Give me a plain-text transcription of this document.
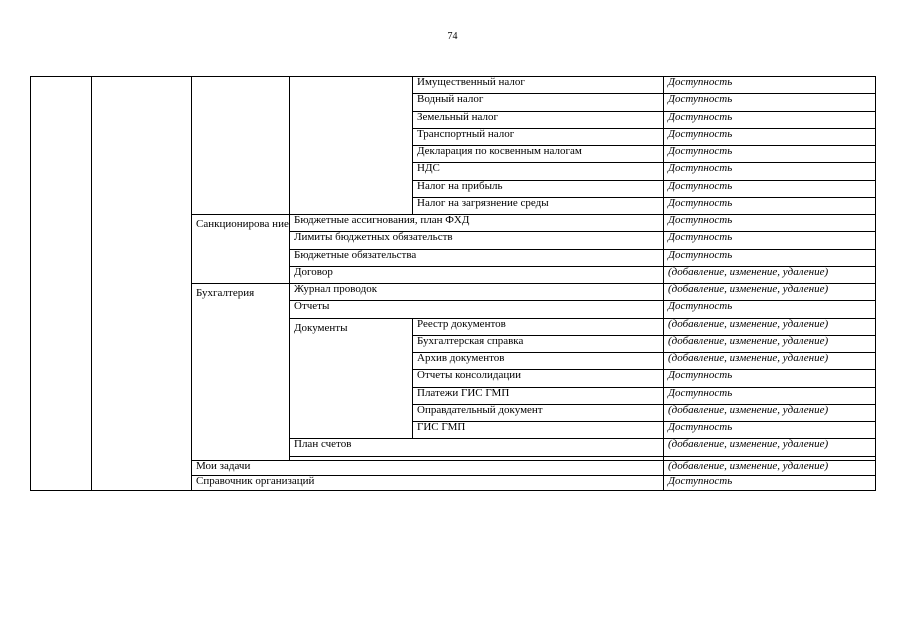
74
				Имущественный налог	Доступность
				Водный налог	Доступность
				Земельный налог	Доступность
				Транспортный налог	Доступность
				Декларация по косвенным налогам	Доступность
				НДС	Доступность
				Налог на прибыль	Доступность
				Налог на загрязнение среды	Доступность
		Санкционирова ние	Бюджетные ассигнования, план ФХД		Доступность
			Лимиты бюджетных обязательств		Доступность
			Бюджетные обязательства		Доступность
			Договор		(добавление, изменение, удаление)
		Бухгалтерия	Журнал проводок		(добавление, изменение, удаление)
			Отчеты		Доступность
			Документы	Реестр документов	(добавление, изменение, удаление)
				Бухгалтерская справка	(добавление, изменение, удаление)
				Архив документов	(добавление, изменение, удаление)
				Отчеты консолидации	Доступность
				Платежи ГИС ГМП	Доступность
				Оправдательный документ	(добавление, изменение, удаление)
				ГИС ГМП	Доступность
			План счетов		(добавление, изменение, удаление)

		Мои задачи			(добавление, изменение, удаление)
		Справочник организаций			Доступность
